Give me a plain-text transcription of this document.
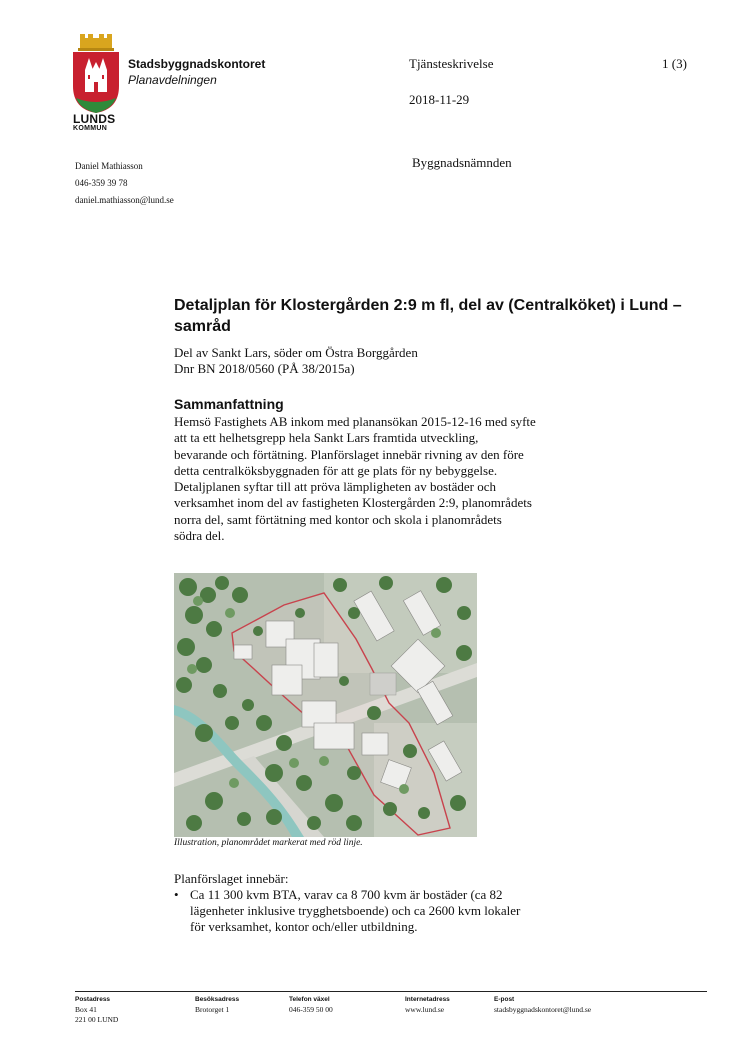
LUNDS
KOMMUN
Stadsbyggnadskontoret
Planavdelningen
Tjänsteskrivelse	1 (3)
2018-11-29
Daniel Mathiasson
046-359 39 78
daniel.mathiasson@lund.se
Byggnadsnämnden
Detaljplan för Klostergården 2:9 m fl, del av (Centralköket) i Lund – samråd
Del av Sankt Lars, söder om Östra Borggården
Dnr BN 2018/0560 (PÅ 38/2015a)
Sammanfattning
Hemsö Fastighets AB inkom med planansökan 2015-12-16 med syfte
att ta ett helhetsgrepp hela Sankt Lars framtida utveckling,
bevarande och förtätning. Planförslaget innebär rivning av den före
detta centralköksbyggnaden för att ge plats för ny bebyggelse.
Detaljplanen syftar till att pröva lämpligheten av bostäder och
verksamhet inom del av fastigheten Klostergården 2:9, planområdets
norra del, samt förtätning med kontor och skola i planområdets
södra del.
Illustration, planområdet markerat med röd linje.
Planförslaget innebär:
• Ca 11 300 kvm BTA, varav ca 8 700 kvm är bostäder (ca 82
lägenheter inklusive trygghetsboende) och ca 2600 kvm lokaler
för verksamhet, kontor och/eller utbildning.
Postadress
Box 41
221 00 LUND
Besöksadress
Brotorget 1
Telefon växel
046-359 50 00
Internetadress
www.lund.se
E-post
stadsbyggnadskontoret@lund.se
